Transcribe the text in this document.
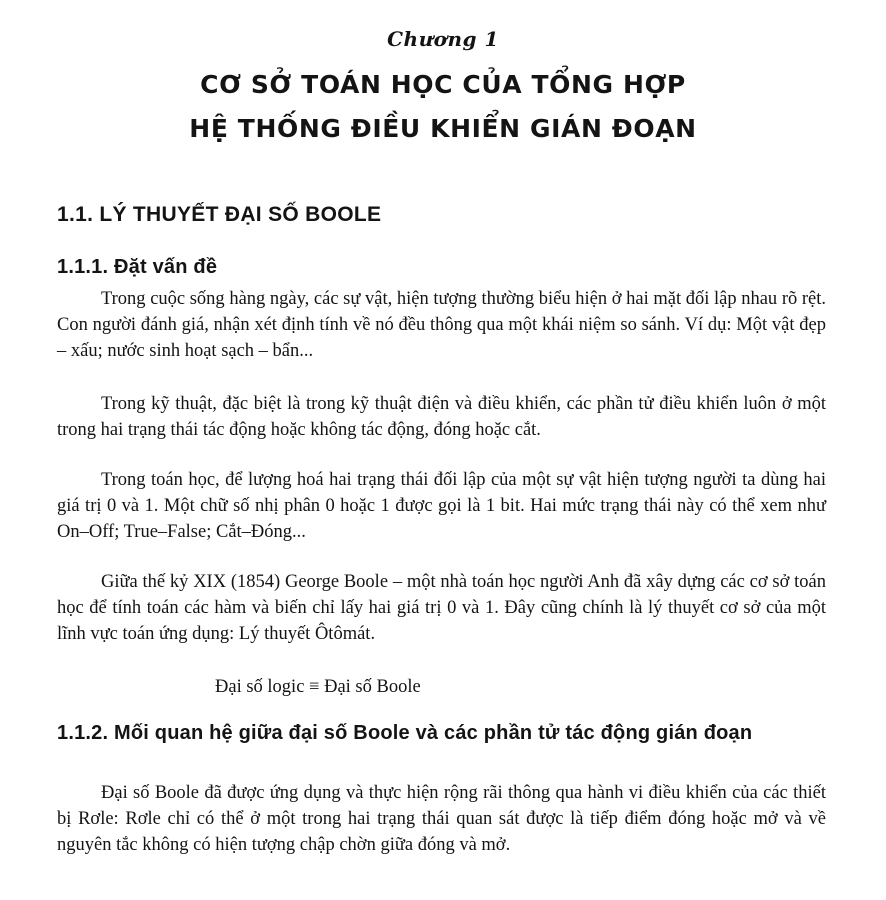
Chương 1
CƠ SỞ TOÁN HỌC CỦA TỔNG HỢP
HỆ THỐNG ĐIỀU KHIỂN GIÁN ĐOẠN
1.1. LÝ THUYẾT ĐẠI SỐ BOOLE
1.1.1. Đặt vấn đề

Trong cuộc sống hàng ngày, các sự vật, hiện tượng thường biểu hiện ở hai mặt đối lập nhau rõ rệt. Con người đánh giá, nhận xét định tính về nó đều thông qua một khái niệm so sánh. Ví dụ: Một vật đẹp – xấu; nước sinh hoạt sạch – bẩn...

Trong kỹ thuật, đặc biệt là trong kỹ thuật điện và điều khiển, các phần tử điều khiển luôn ở một trong hai trạng thái tác động hoặc không tác động, đóng hoặc cắt.

Trong toán học, để lượng hoá hai trạng thái đối lập của một sự vật hiện tượng người ta dùng hai giá trị 0 và 1. Một chữ số nhị phân 0 hoặc 1 được gọi là 1 bit. Hai mức trạng thái này có thể xem như On–Off; True–False; Cắt–Đóng...

Giữa thế kỷ XIX (1854) George Boole – một nhà toán học người Anh đã xây dựng các cơ sở toán học để tính toán các hàm và biến chỉ lấy hai giá trị 0 và 1. Đây cũng chính là lý thuyết cơ sở của một lĩnh vực toán ứng dụng: Lý thuyết Ôtômát.

Đại số logic ≡ Đại số Boole
1.1.2. Mối quan hệ giữa đại số Boole và các phần tử tác động gián đoạn

Đại số Boole đã được ứng dụng và thực hiện rộng rãi thông qua hành vi điều khiển của các thiết bị Rơle: Rơle chỉ có thể ở một trong hai trạng thái quan sát được là tiếp điểm đóng hoặc mở và về nguyên tắc không có hiện tượng chập chờn giữa đóng và mở.
